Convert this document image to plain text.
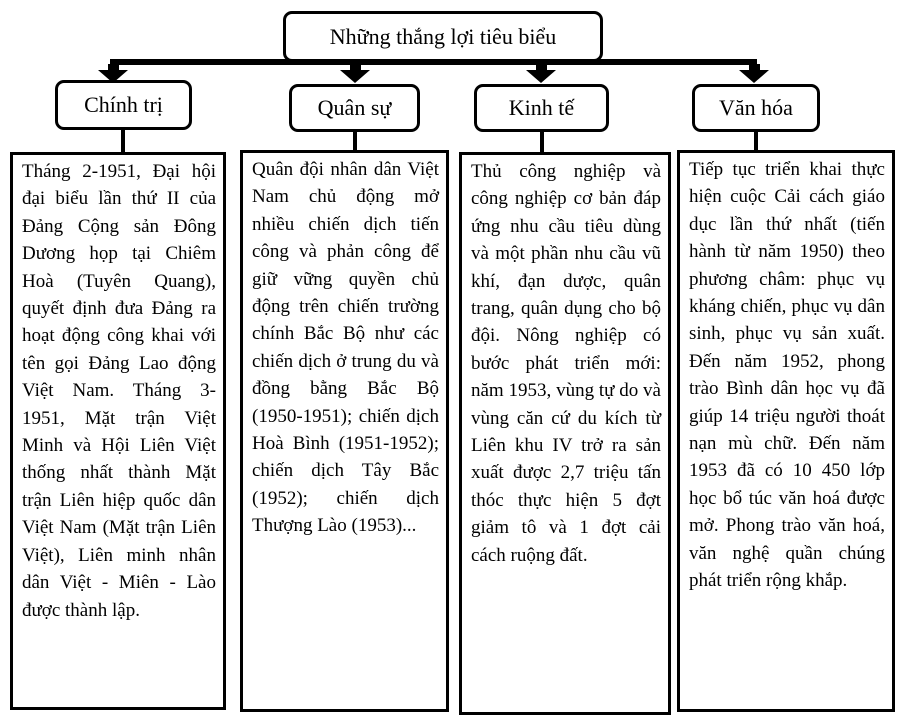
Những thắng lợi tiêu biểu
Chính trị	Quân sự	Kinh tế	Văn hóa
Tháng 2-1951, Đại hội đại biểu lần thứ II của Đảng Cộng sản Đông Dương họp tại Chiêm Hoà (Tuyên Quang), quyết định đưa Đảng ra hoạt động công khai với tên gọi Đảng Lao động Việt Nam. Tháng 3-1951, Mặt trận Việt Minh và Hội Liên Việt thống nhất thành Mặt trận Liên hiệp quốc dân Việt Nam (Mặt trận Liên Việt), Liên minh nhân dân Việt - Miên - Lào được thành lập.
Quân đội nhân dân Việt Nam chủ động mở nhiều chiến dịch tiến công và phản công để giữ vững quyền chủ động trên chiến trường chính Bắc Bộ như các chiến dịch ở trung du và đồng bằng Bắc Bộ (1950-1951); chiến dịch Hoà Bình (1951-1952); chiến dịch Tây Bắc (1952); chiến dịch Thượng Lào (1953)...
Thủ công nghiệp và công nghiệp cơ bản đáp ứng nhu cầu tiêu dùng và một phần nhu cầu vũ khí, đạn dược, quân trang, quân dụng cho bộ đội. Nông nghiệp có bước phát triển mới: năm 1953, vùng tự do và vùng căn cứ du kích từ Liên khu IV trở ra sản xuất được 2,7 triệu tấn thóc thực hiện 5 đợt giảm tô và 1 đợt cải cách ruộng đất.
Tiếp tục triển khai thực hiện cuộc Cải cách giáo dục lần thứ nhất (tiến hành từ năm 1950) theo phương châm: phục vụ kháng chiến, phục vụ dân sinh, phục vụ sản xuất. Đến năm 1952, phong trào Bình dân học vụ đã giúp 14 triệu người thoát nạn mù chữ. Đến năm 1953 đã có 10 450 lớp học bổ túc văn hoá được mở. Phong trào văn hoá, văn nghệ quần chúng phát triển rộng khắp.
